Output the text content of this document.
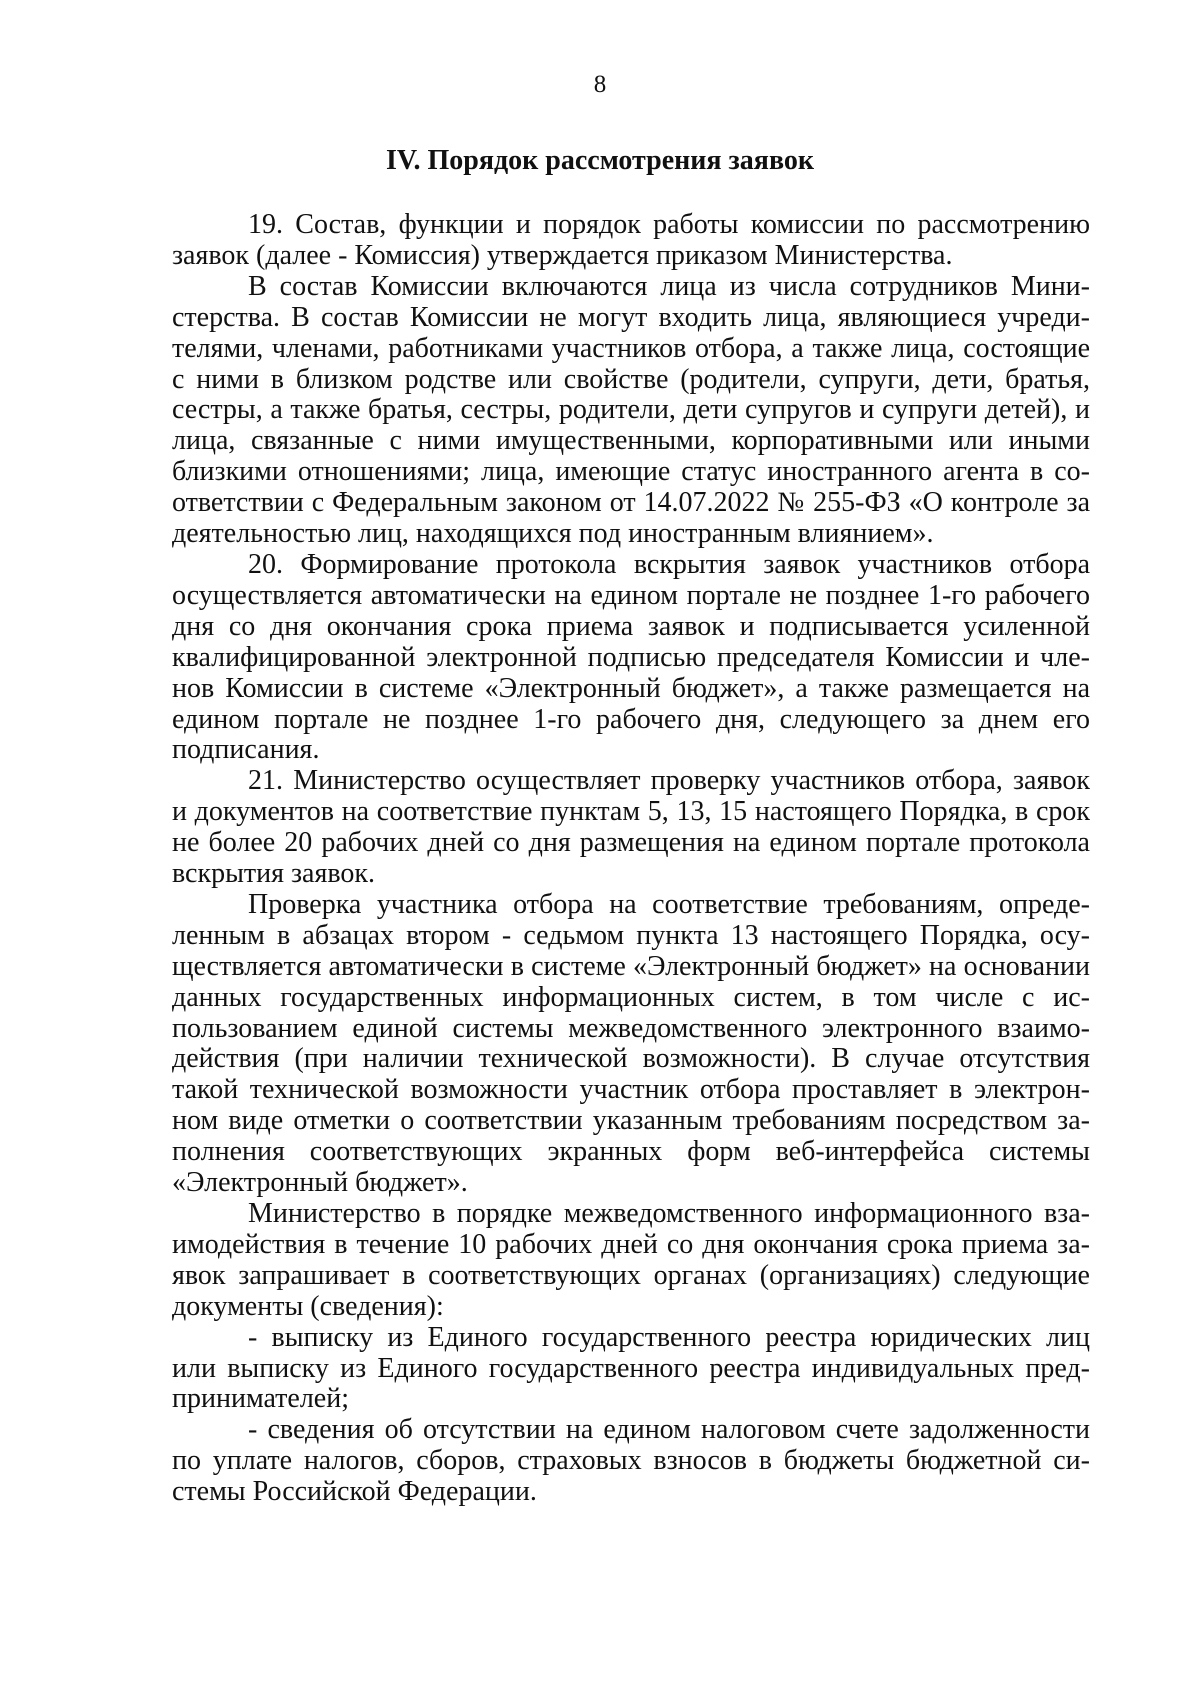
8
IV. Порядок рассмотрения заявок

19. Состав, функции и порядок работы комиссии по рассмотрению заявок (далее - Комиссия) утверждается приказом Министерства.

В состав Комиссии включаются лица из числа сотрудников Министерства. В состав Комиссии не могут входить лица, являющиеся учредителями, членами, работниками участников отбора, а также лица, состоящие с ними в близком родстве или свойстве (родители, супруги, дети, братья, сестры, а также братья, сестры, родители, дети супругов и супруги детей), и лица, связанные с ними имущественными, корпоративными или иными близкими отношениями; лица, имеющие статус иностранного агента в соответствии с Федеральным законом от 14.07.2022 № 255-ФЗ «О контроле за деятельностью лиц, находящихся под иностранным влиянием».

20. Формирование протокола вскрытия заявок участников отбора осуществляется автоматически на едином портале не позднее 1-го рабочего дня со дня окончания срока приема заявок и подписывается усиленной квалифицированной электронной подписью председателя Комиссии и членов Комиссии в системе «Электронный бюджет», а также размещается на едином портале не позднее 1-го рабочего дня, следующего за днем его подписания.

21. Министерство осуществляет проверку участников отбора, заявок и документов на соответствие пунктам 5, 13, 15 настоящего Порядка, в срок не более 20 рабочих дней со дня размещения на едином портале протокола вскрытия заявок.

Проверка участника отбора на соответствие требованиям, определенным в абзацах втором - седьмом пункта 13 настоящего Порядка, осуществляется автоматически в системе «Электронный бюджет» на основании данных государственных информационных систем, в том числе с использованием единой системы межведомственного электронного взаимодействия (при наличии технической возможности). В случае отсутствия такой технической возможности участник отбора проставляет в электронном виде отметки о соответствии указанным требованиям посредством заполнения соответствующих экранных форм веб-интерфейса системы «Электронный бюджет».

Министерство в порядке межведомственного информационного взаимодействия в течение 10 рабочих дней со дня окончания срока приема заявок запрашивает в соответствующих органах (организациях) следующие документы (сведения):

- выписку из Единого государственного реестра юридических лиц или выписку из Единого государственного реестра индивидуальных предпринимателей;

- сведения об отсутствии на едином налоговом счете задолженности по уплате налогов, сборов, страховых взносов в бюджеты бюджетной системы Российской Федерации.
